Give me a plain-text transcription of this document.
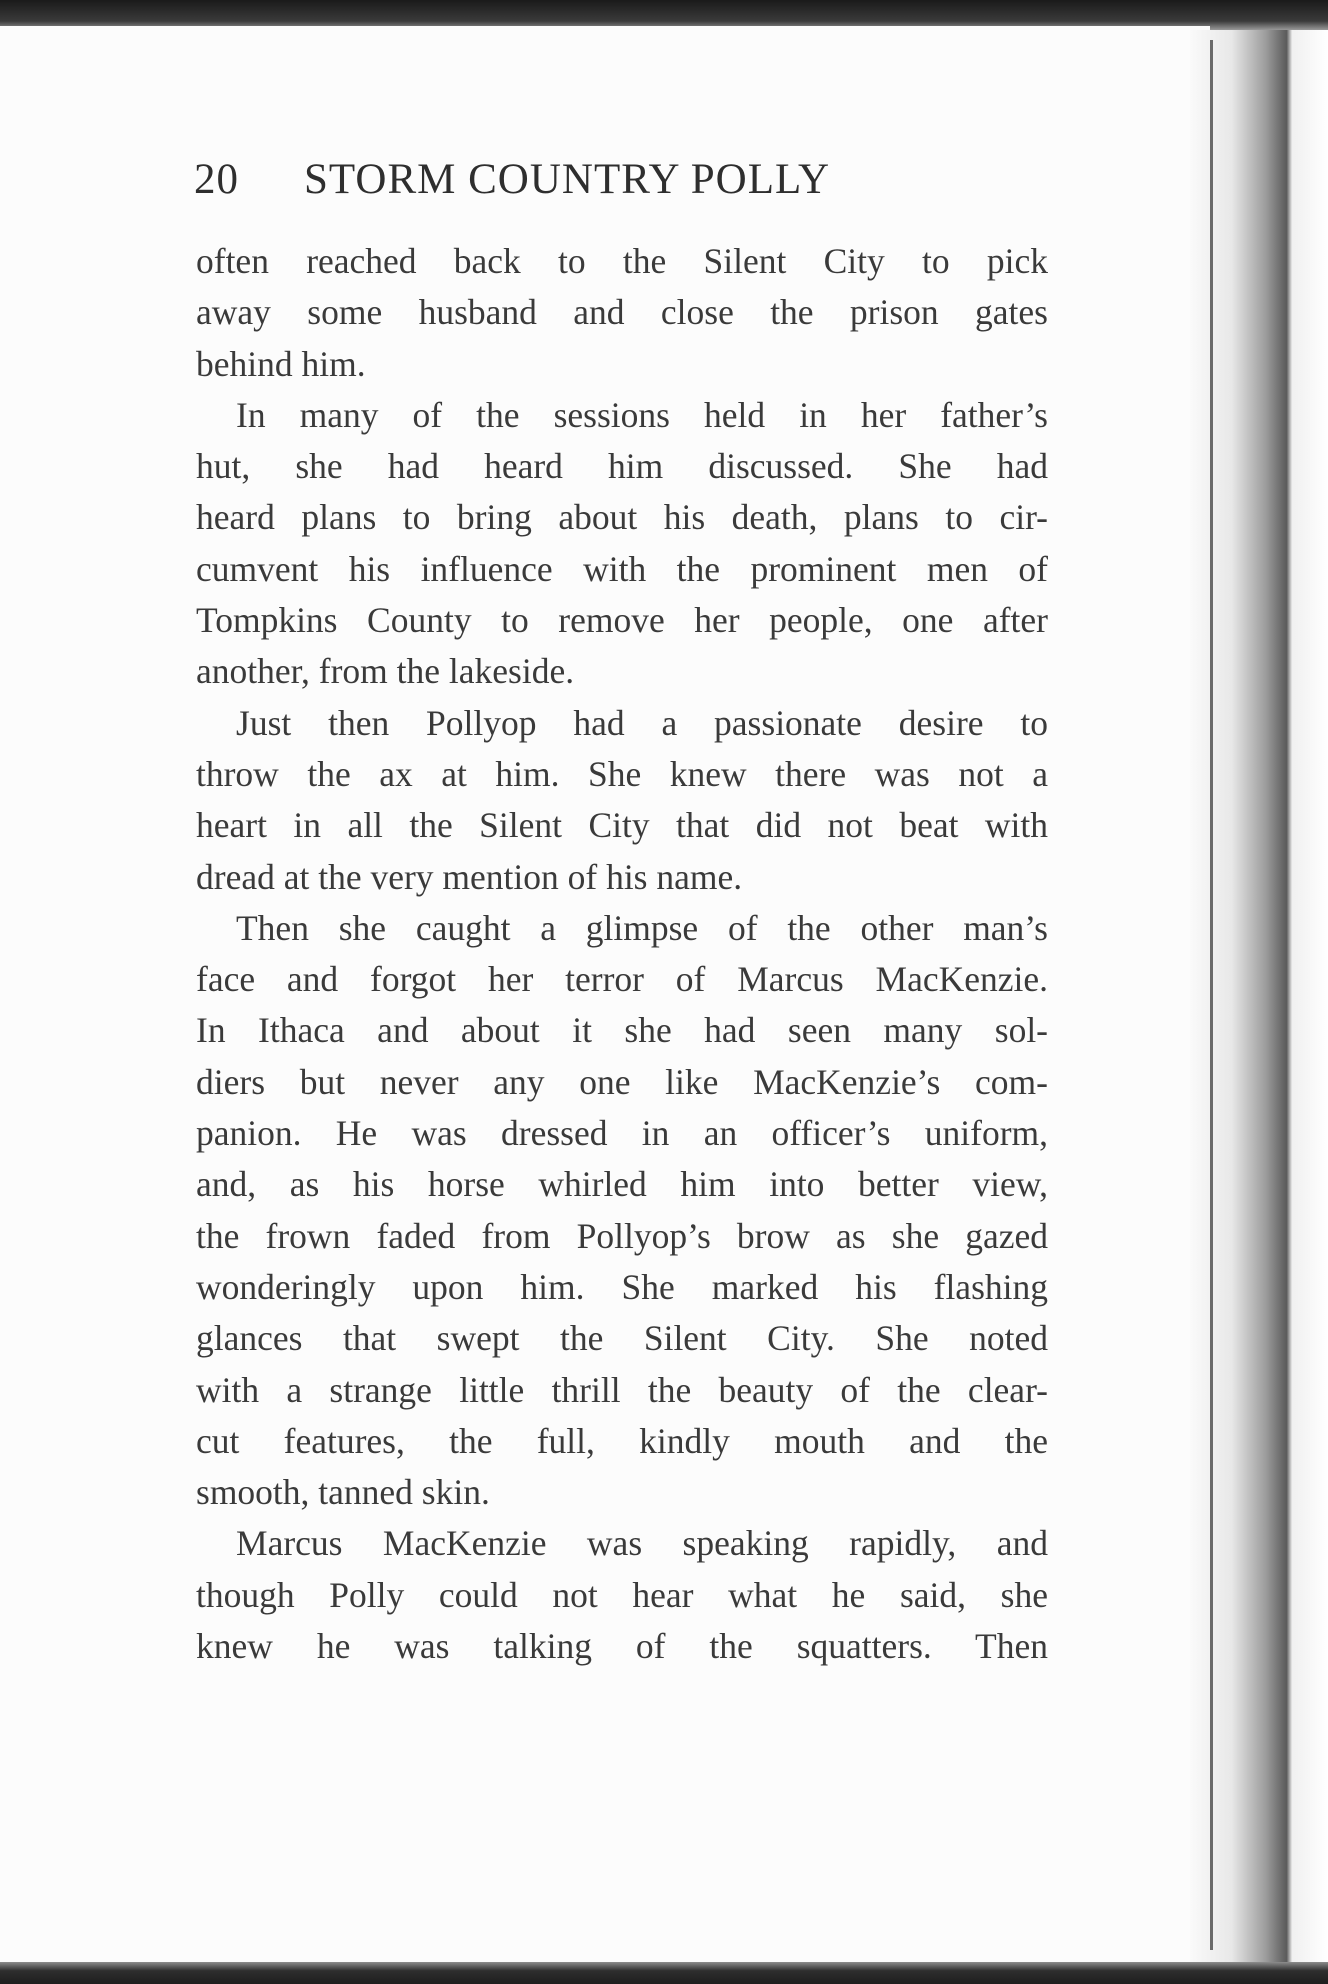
20 STORM COUNTRY POLLY
often reached back to the Silent City to pick
away some husband and close the prison gates
behind him.
In many of the sessions held in her father’s
hut, she had heard him discussed. She had
heard plans to bring about his death, plans to cir-
cumvent his influence with the prominent men of
Tompkins County to remove her people, one after
another, from the lakeside.
Just then Pollyop had a passionate desire to
throw the ax at him. She knew there was not a
heart in all the Silent City that did not beat with
dread at the very mention of his name.
Then she caught a glimpse of the other man’s
face and forgot her terror of Marcus MacKenzie.
In Ithaca and about it she had seen many sol-
diers but never any one like MacKenzie’s com-
panion. He was dressed in an officer’s uniform,
and, as his horse whirled him into better view,
the frown faded from Pollyop’s brow as she gazed
wonderingly upon him. She marked his flashing
glances that swept the Silent City. She noted
with a strange little thrill the beauty of the clear-
cut features, the full, kindly mouth and the
smooth, tanned skin.
Marcus MacKenzie was speaking rapidly, and
though Polly could not hear what he said, she
knew he was talking of the squatters. Then
